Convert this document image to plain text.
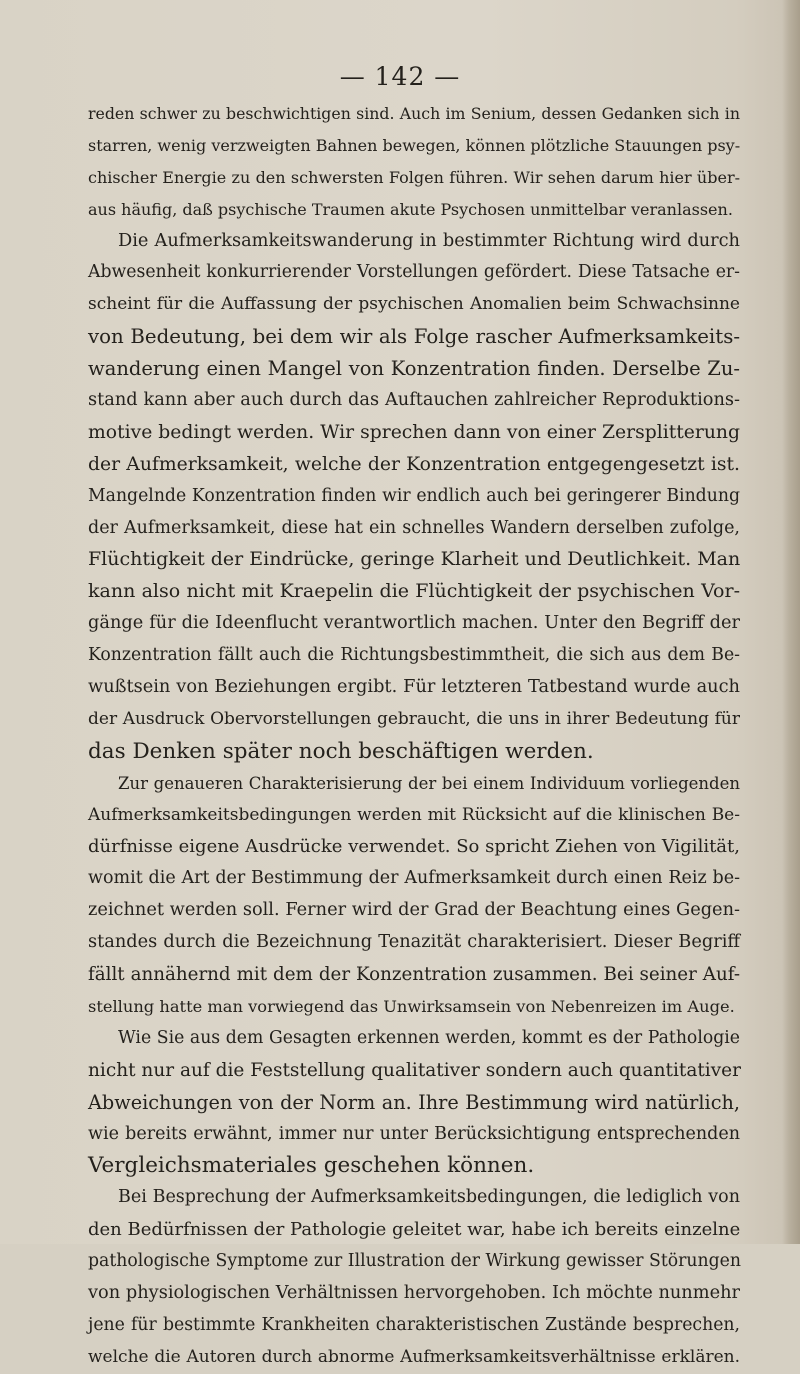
— 142 —
reden schwer zu beschwichtigen sind. Auch im Senium, dessen Gedanken sich in
starren, wenig verzweigten Bahnen bewegen, können plötzliche Stauungen psy-
chischer Energie zu den schwersten Folgen führen. Wir sehen darum hier über-
aus häufig, daß psychische Traumen akute Psychosen unmittelbar veranlassen.
Die Aufmerksamkeitswanderung in bestimmter Richtung wird durch
Abwesenheit konkurrierender Vorstellungen gefördert. Diese Tatsache er-
scheint für die Auffassung der psychischen Anomalien beim Schwachsinne
von Bedeutung, bei dem wir als Folge rascher Aufmerksamkeits-
wanderung einen Mangel von Konzentration finden. Derselbe Zu-
stand kann aber auch durch das Auftauchen zahlreicher Reproduktions-
motive bedingt werden. Wir sprechen dann von einer Zersplitterung
der Aufmerksamkeit, welche der Konzentration entgegengesetzt ist.
Mangelnde Konzentration finden wir endlich auch bei geringerer Bindung
der Aufmerksamkeit, diese hat ein schnelles Wandern derselben zufolge,
Flüchtigkeit der Eindrücke, geringe Klarheit und Deutlichkeit. Man
kann also nicht mit Kraepelin die Flüchtigkeit der psychischen Vor-
gänge für die Ideenflucht verantwortlich machen. Unter den Begriff der
Konzentration fällt auch die Richtungsbestimmtheit, die sich aus dem Be-
wußtsein von Beziehungen ergibt. Für letzteren Tatbestand wurde auch
der Ausdruck Obervorstellungen gebraucht, die uns in ihrer Bedeutung für
das Denken später noch beschäftigen werden.
Zur genaueren Charakterisierung der bei einem Individuum vorliegenden
Aufmerksamkeitsbedingungen werden mit Rücksicht auf die klinischen Be-
dürfnisse eigene Ausdrücke verwendet. So spricht Ziehen von Vigilität,
womit die Art der Bestimmung der Aufmerksamkeit durch einen Reiz be-
zeichnet werden soll. Ferner wird der Grad der Beachtung eines Gegen-
standes durch die Bezeichnung Tenazität charakterisiert. Dieser Begriff
fällt annähernd mit dem der Konzentration zusammen. Bei seiner Auf-
stellung hatte man vorwiegend das Unwirksamsein von Nebenreizen im Auge.
Wie Sie aus dem Gesagten erkennen werden, kommt es der Pathologie
nicht nur auf die Feststellung qualitativer sondern auch quantitativer
Abweichungen von der Norm an. Ihre Bestimmung wird natürlich,
wie bereits erwähnt, immer nur unter Berücksichtigung entsprechenden
Vergleichsmateriales geschehen können.
Bei Besprechung der Aufmerksamkeitsbedingungen, die lediglich von
den Bedürfnissen der Pathologie geleitet war, habe ich bereits einzelne
pathologische Symptome zur Illustration der Wirkung gewisser Störungen
von physiologischen Verhältnissen hervorgehoben. Ich möchte nunmehr
jene für bestimmte Krankheiten charakteristischen Zustände besprechen,
welche die Autoren durch abnorme Aufmerksamkeitsverhältnisse erklären.
